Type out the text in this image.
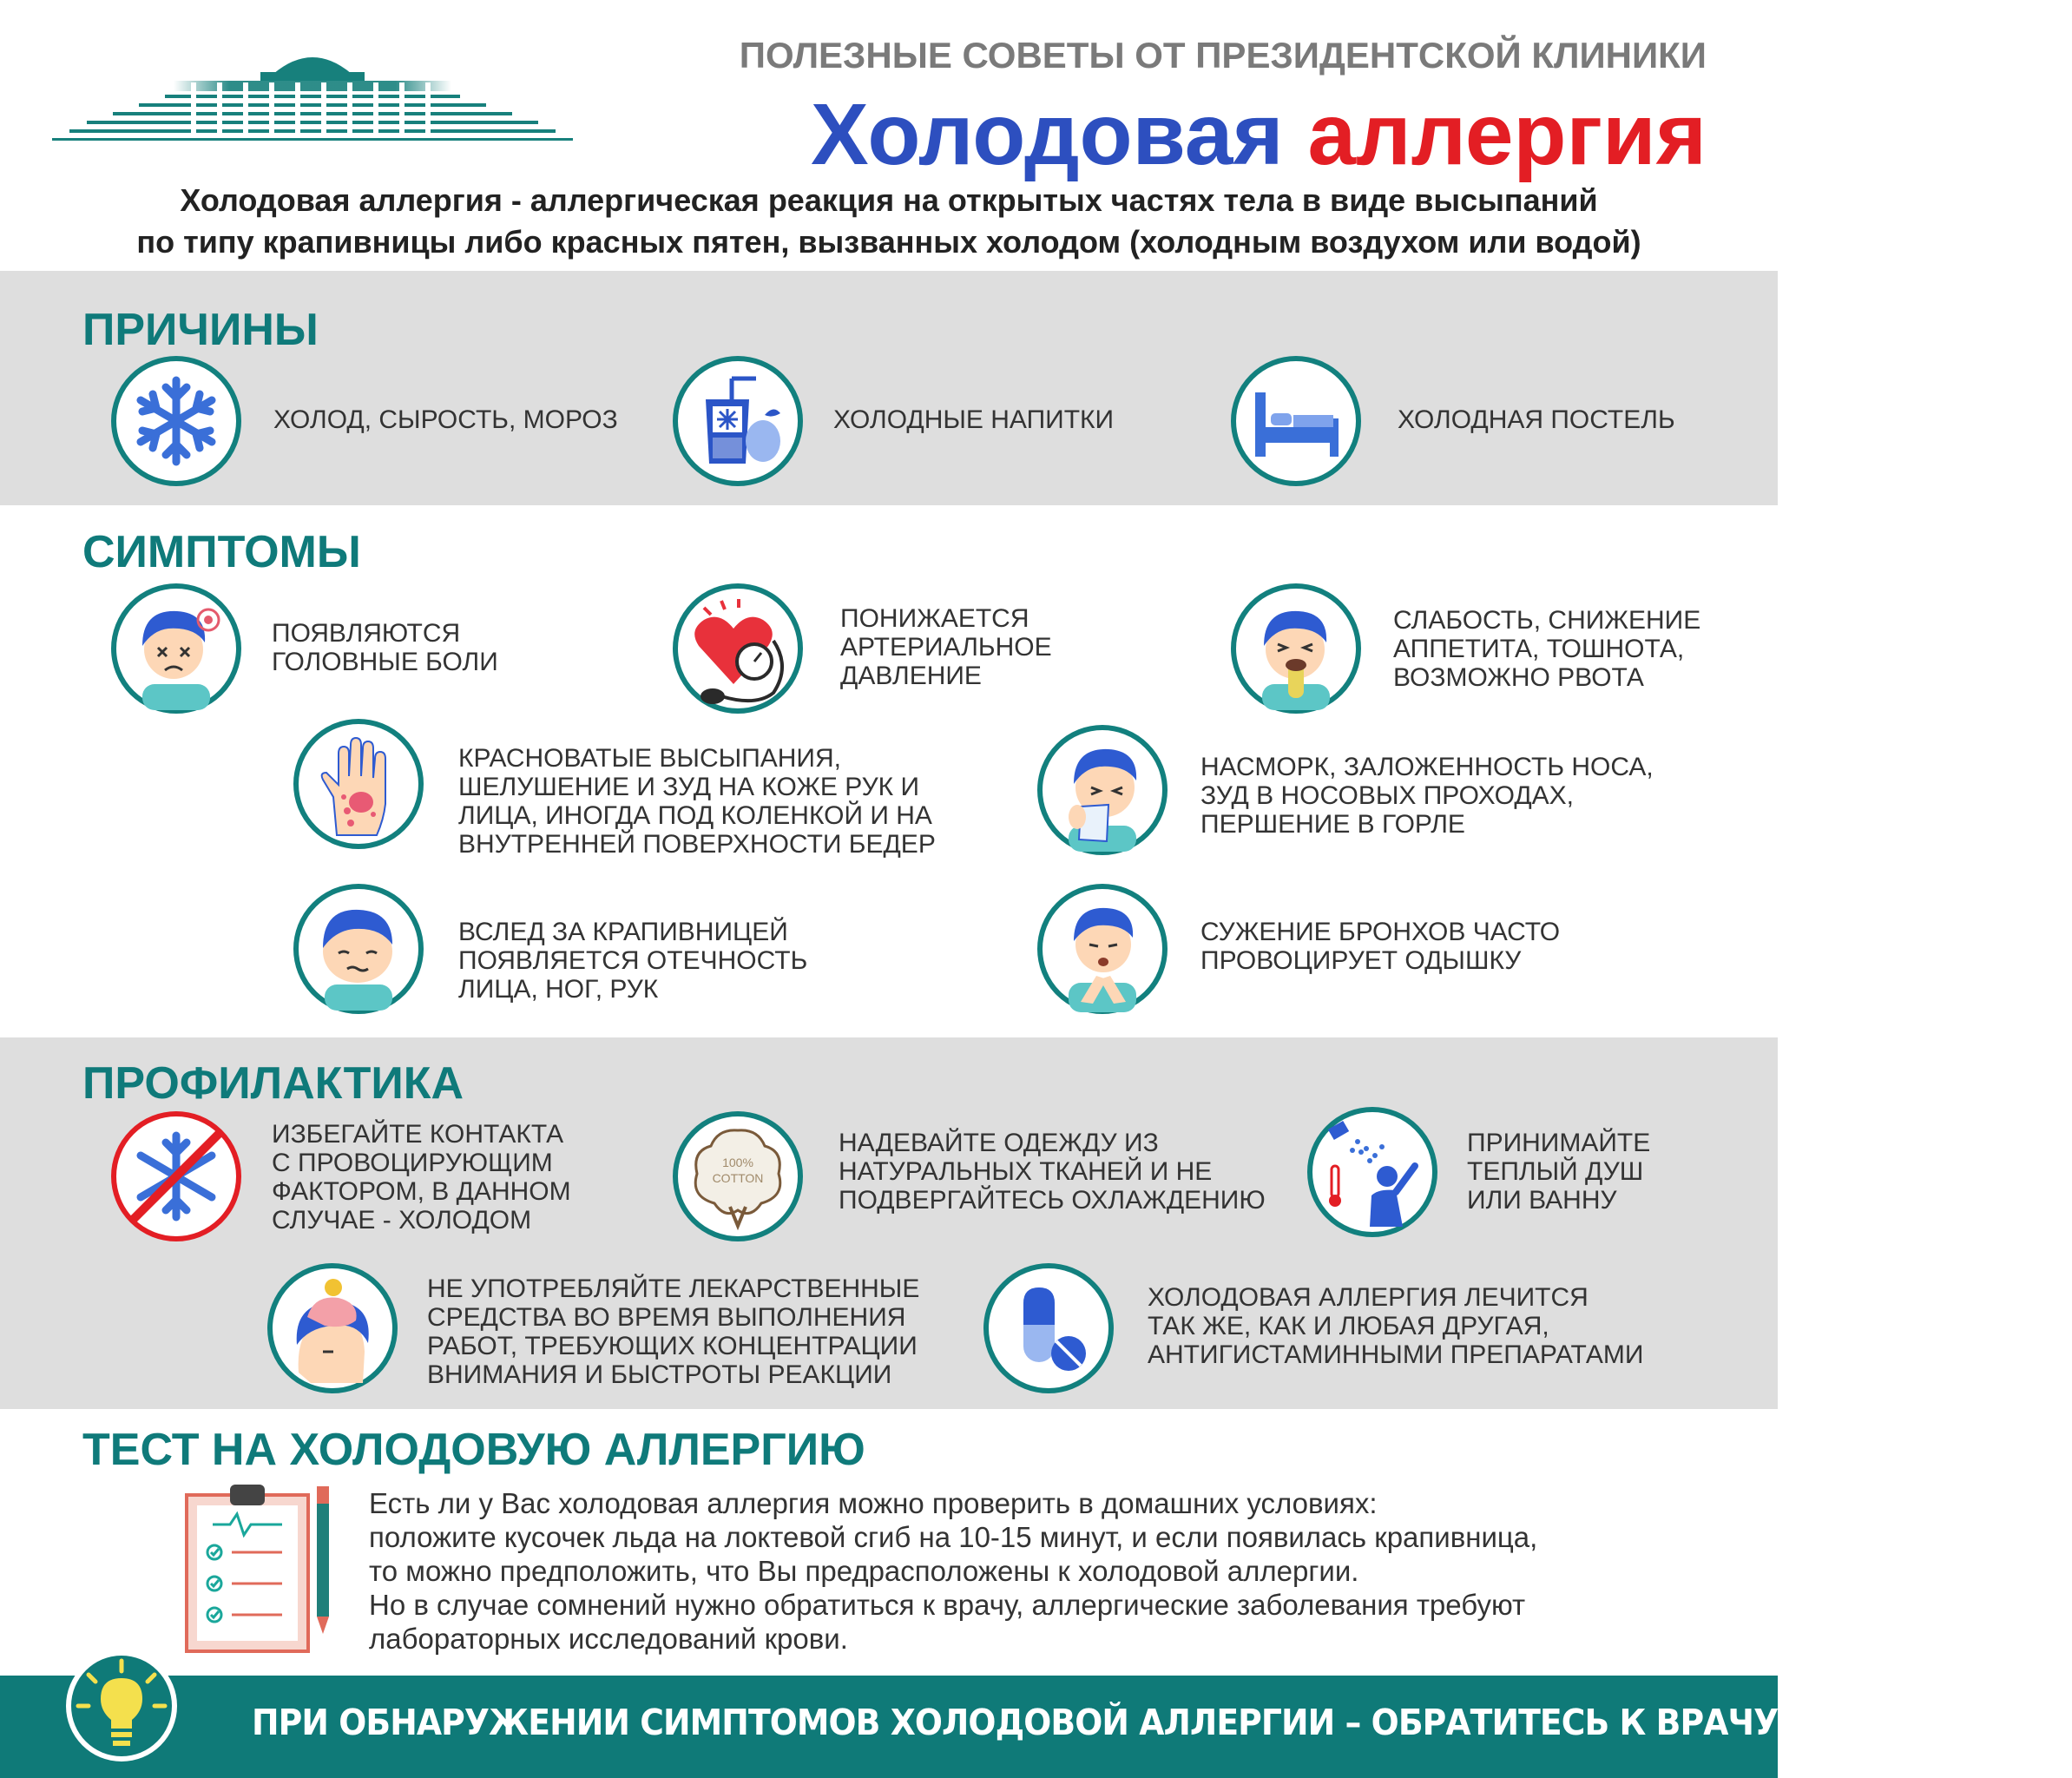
ПОЛЕЗНЫЕ СОВЕТЫ ОТ ПРЕЗИДЕНТСКОЙ КЛИНИКИ
Холодовая аллергия
Холодовая аллергия - аллергическая реакция на открытых частях тела в виде высыпаний
по типу крапивницы либо красных пятен, вызванных холодом (холодным воздухом или водой)
ПРИЧИНЫ
ХОЛОД, СЫРОСТЬ, МОРОЗ	ХОЛОДНЫЕ НАПИТКИ	ХОЛОДНАЯ ПОСТЕЛЬ
СИМПТОМЫ
ПОЯВЛЯЮТСЯ
ГОЛОВНЫЕ БОЛИ
ПОНИЖАЕТСЯ
АРТЕРИАЛЬНОЕ
ДАВЛЕНИЕ
СЛАБОСТЬ, СНИЖЕНИЕ
АППЕТИТА, ТОШНОТА,
ВОЗМОЖНО РВОТА
КРАСНОВАТЫЕ ВЫСЫПАНИЯ,
ШЕЛУШЕНИЕ И ЗУД НА КОЖЕ РУК И
ЛИЦА, ИНОГДА ПОД КОЛЕНКОЙ И НА
ВНУТРЕННЕЙ ПОВЕРХНОСТИ БЕДЕР
НАСМОРК, ЗАЛОЖЕННОСТЬ НОСА,
ЗУД В НОСОВЫХ ПРОХОДАХ,
ПЕРШЕНИЕ В ГОРЛЕ
ВСЛЕД ЗА КРАПИВНИЦЕЙ
ПОЯВЛЯЕТСЯ ОТЕЧНОСТЬ
ЛИЦА, НОГ, РУК
СУЖЕНИЕ БРОНХОВ ЧАСТО
ПРОВОЦИРУЕТ ОДЫШКУ
ПРОФИЛАКТИКА
ИЗБЕГАЙТЕ КОНТАКТА
С ПРОВОЦИРУЮЩИМ
ФАКТОРОМ, В ДАННОМ
СЛУЧАЕ - ХОЛОДОМ
100%
COTTON
НАДЕВАЙТЕ ОДЕЖДУ ИЗ
НАТУРАЛЬНЫХ ТКАНЕЙ И НЕ
ПОДВЕРГАЙТЕСЬ ОХЛАЖДЕНИЮ
ПРИНИМАЙТЕ
ТЕПЛЫЙ ДУШ
ИЛИ ВАННУ
НЕ УПОТРЕБЛЯЙТЕ ЛЕКАРСТВЕННЫЕ
СРЕДСТВА ВО ВРЕМЯ ВЫПОЛНЕНИЯ
РАБОТ, ТРЕБУЮЩИХ КОНЦЕНТРАЦИИ
ВНИМАНИЯ И БЫСТРОТЫ РЕАКЦИИ
ХОЛОДОВАЯ АЛЛЕРГИЯ ЛЕЧИТСЯ
ТАК ЖЕ, КАК И ЛЮБАЯ ДРУГАЯ,
АНТИГИСТАМИННЫМИ ПРЕПАРАТАМИ
ТЕСТ НА ХОЛОДОВУЮ АЛЛЕРГИЮ
Есть ли у Вас холодовая аллергия можно проверить в домашних условиях:
положите кусочек льда на локтевой сгиб на 10-15 минут, и если появилась крапивница,
то можно предположить, что Вы предрасположены к холодовой аллергии.
Но в случае сомнений нужно обратиться к врачу, аллергические заболевания требуют
лабораторных исследований крови.
ПРИ ОБНАРУЖЕНИИ СИМПТОМОВ ХОЛОДОВОЙ АЛЛЕРГИИ – ОБРАТИТЕСЬ К ВРАЧУ-АЛЛЕРГОЛОГУ!
